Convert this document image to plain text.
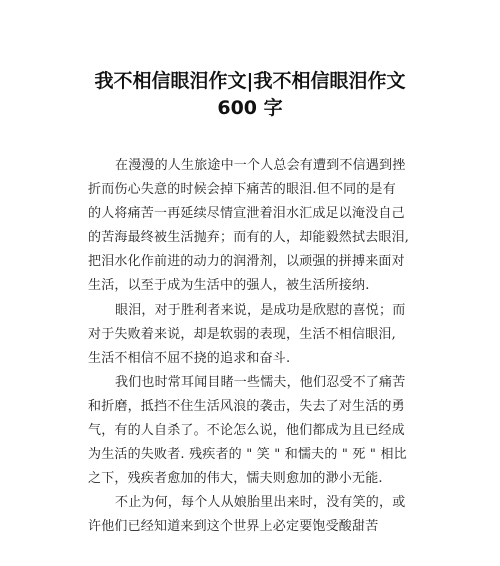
我不相信眼泪作文|我不相信眼泪作文
600 字
在漫漫的人生旅途中一个人总会有遭到不信遇到挫
折而伤心失意的时候会掉下痛苦的眼泪.但不同的是有
的人将痛苦一再延续尽情宣泄着泪水汇成足以淹没自己
的苦海最终被生活抛弃；而有的人，却能毅然拭去眼泪,
把泪水化作前进的动力的润滑剂，以顽强的拼搏来面对
生活，以至于成为生活中的强人，被生活所接纳.
眼泪，对于胜利者来说，是成功是欣慰的喜悦；而
对于失败着来说，却是软弱的表现，生活不相信眼泪,
生活不相信不屈不挠的追求和奋斗.
我们也时常耳闻目睹一些懦夫，他们忍受不了痛苦
和折磨，抵挡不住生活风浪的袭击，失去了对生活的勇
气，有的人自杀了。不论怎么说，他们都成为且已经成
为生活的失败者. 残疾者的 " 笑 " 和懦夫的 " 死 " 相比
之下，残疾者愈加的伟大，懦夫则愈加的渺小无能.
不止为何，每个人从娘胎里出来时，没有笑的，或
许他们已经知道来到这个世界上必定要饱受酸甜苦
